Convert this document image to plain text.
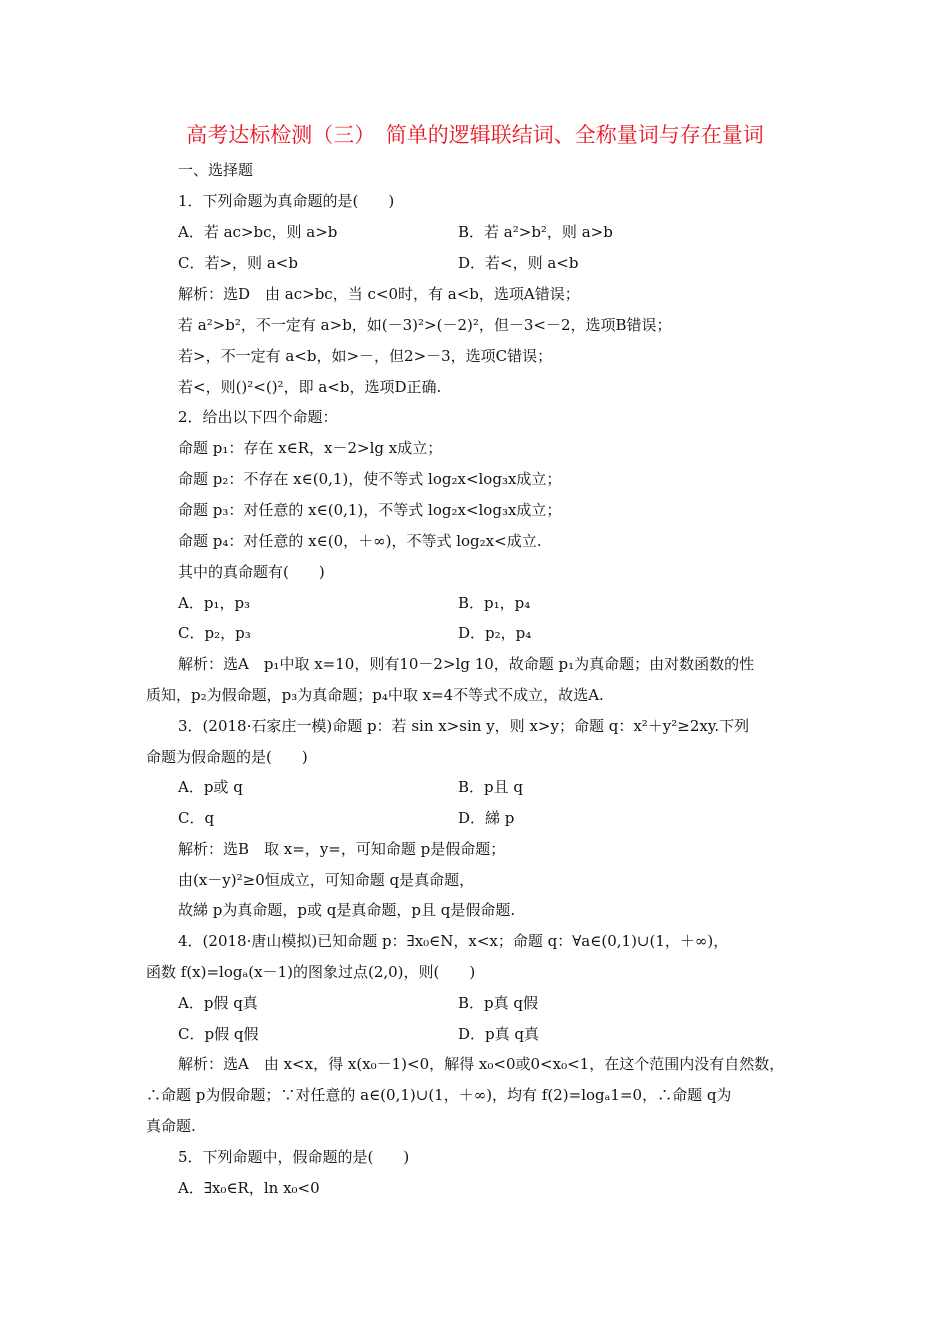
高考达标检测（三）　简单的逻辑联结词、全称量词与存在量词
一、选择题
1．下列命题为真命题的是(　　)
A．若 ac>bc，则 a>b	B．若 a²>b²，则 a>b
C．若>，则 a<b	D．若<，则 a<b
解析：选D　由 ac>bc，当 c<0时，有 a<b，选项A错误；
若 a²>b²，不一定有 a>b，如(－3)²>(－2)²，但－3<－2，选项B错误；
若>，不一定有 a<b，如>－，但2>－3，选项C错误；
若<，则()²<()²，即 a<b，选项D正确.
2．给出以下四个命题：
命题 p₁：存在 x∈R，x－2>lg x成立；
命题 p₂：不存在 x∈(0,1)，使不等式 log₂x<log₃x成立；
命题 p₃：对任意的 x∈(0,1)，不等式 log₂x<log₃x成立；
命题 p₄：对任意的 x∈(0，＋∞)，不等式 log₂x<成立.
其中的真命题有(　　)
A．p₁，p₃	B．p₁，p₄
C．p₂，p₃	D．p₂，p₄
解析：选A　p₁中取 x=10，则有10－2>lg 10，故命题 p₁为真命题；由对数函数的性
质知，p₂为假命题，p₃为真命题；p₄中取 x=4不等式不成立，故选A.
3．(2018·石家庄一模)命题 p：若 sin x>sin y，则 x>y；命题 q：x²＋y²≥2xy.下列
命题为假命题的是(　　)
A．p或 q	B．p且 q
C．q	D．綈 p
解析：选B　取 x=，y=，可知命题 p是假命题；
由(x－y)²≥0恒成立，可知命题 q是真命题，
故綈 p为真命题，p或 q是真命题，p且 q是假命题.
4．(2018·唐山模拟)已知命题 p：∃x₀∈N，x<x；命题 q：∀a∈(0,1)∪(1，＋∞)，
函数 f(x)=logₐ(x－1)的图象过点(2,0)，则(　　)
A．p假 q真	B．p真 q假
C．p假 q假	D．p真 q真
解析：选A　由 x<x，得 x(x₀－1)<0，解得 x₀<0或0<x₀<1，在这个范围内没有自然数，
∴命题 p为假命题；∵对任意的 a∈(0,1)∪(1，＋∞)，均有 f(2)=logₐ1=0，∴命题 q为
真命题.
5．下列命题中，假命题的是(　　)
A．∃x₀∈R，ln x₀<0
